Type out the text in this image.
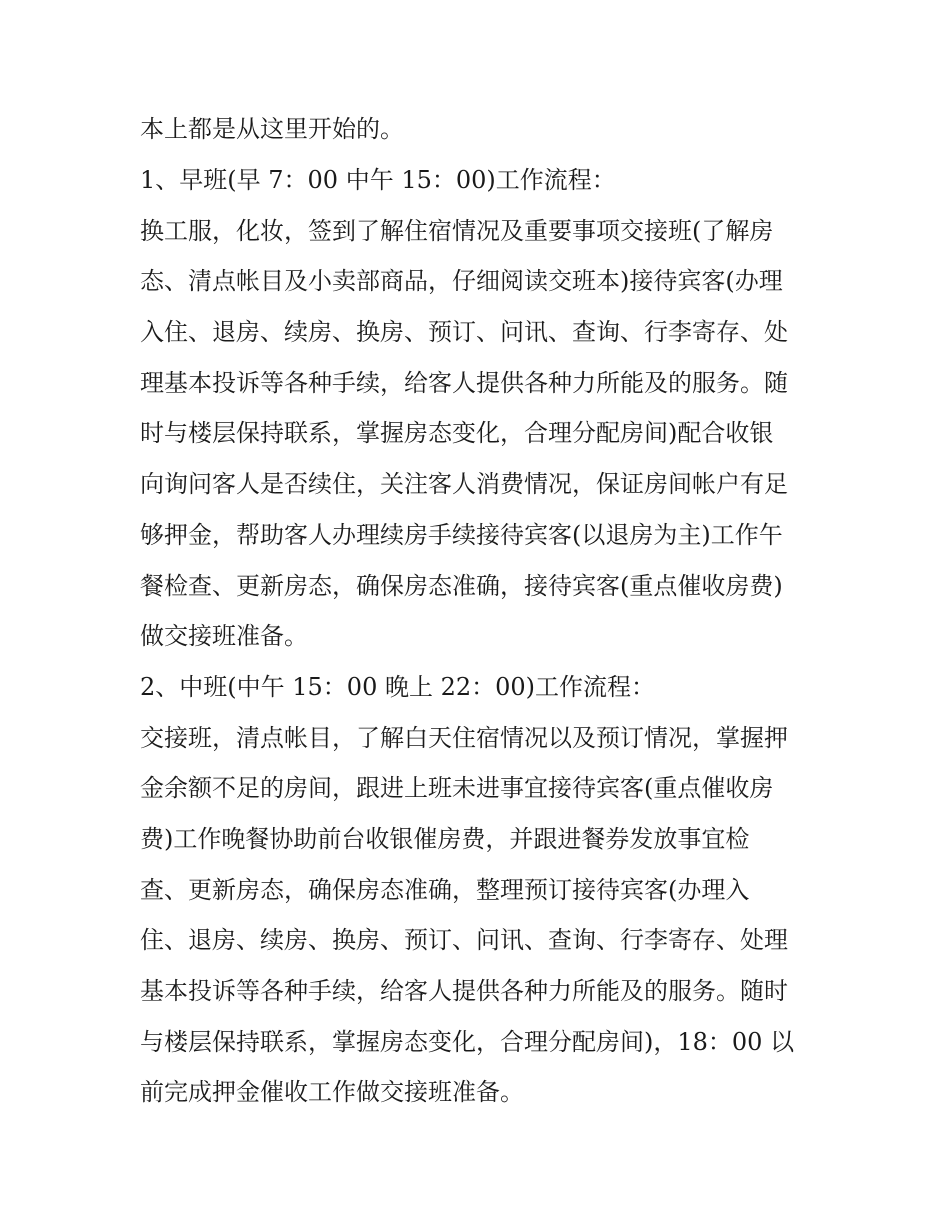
本上都是从这里开始的。
1、早班(早 7：00 中午 15：00)工作流程：
换工服，化妆，签到了解住宿情况及重要事项交接班(了解房
态、清点帐目及小卖部商品，仔细阅读交班本)接待宾客(办理
入住、退房、续房、换房、预订、问讯、查询、行李寄存、处
理基本投诉等各种手续，给客人提供各种力所能及的服务。随
时与楼层保持联系，掌握房态变化，合理分配房间)配合收银
向询问客人是否续住，关注客人消费情况，保证房间帐户有足
够押金，帮助客人办理续房手续接待宾客(以退房为主)工作午
餐检查、更新房态，确保房态准确，接待宾客(重点催收房费)
做交接班准备。
2、中班(中午 15：00 晚上 22：00)工作流程：
交接班，清点帐目，了解白天住宿情况以及预订情况，掌握押
金余额不足的房间，跟进上班未进事宜接待宾客(重点催收房
费)工作晚餐协助前台收银催房费，并跟进餐券发放事宜检
查、更新房态，确保房态准确，整理预订接待宾客(办理入
住、退房、续房、换房、预订、问讯、查询、行李寄存、处理
基本投诉等各种手续，给客人提供各种力所能及的服务。随时
与楼层保持联系，掌握房态变化，合理分配房间)，18：00 以
前完成押金催收工作做交接班准备。
